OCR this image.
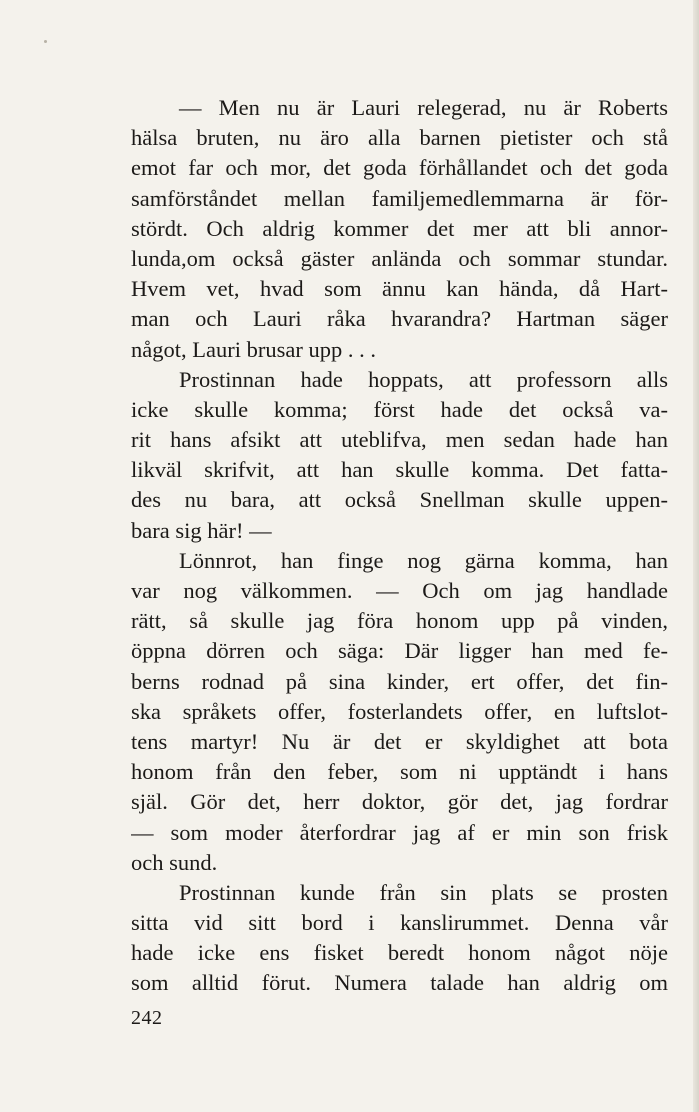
— Men nu är Lauri relegerad, nu är Roberts
hälsa bruten, nu äro alla barnen pietister och stå
emot far och mor, det goda förhållandet och det goda
samförståndet mellan familjemedlemmarna är för-
stördt. Och aldrig kommer det mer att bli annor-
lunda,om också gäster anlända och sommar stundar.
Hvem vet, hvad som ännu kan hända, då Hart-
man och Lauri råka hvarandra? Hartman säger
något, Lauri brusar upp . . .
Prostinnan hade hoppats, att professorn alls
icke skulle komma; först hade det också va-
rit hans afsikt att uteblifva, men sedan hade han
likväl skrifvit, att han skulle komma. Det fatta-
des nu bara, att också Snellman skulle uppen-
bara sig här! —
Lönnrot, han finge nog gärna komma, han
var nog välkommen. — Och om jag handlade
rätt, så skulle jag föra honom upp på vinden,
öppna dörren och säga: Där ligger han med fe-
berns rodnad på sina kinder, ert offer, det fin-
ska språkets offer, fosterlandets offer, en luftslot-
tens martyr! Nu är det er skyldighet att bota
honom från den feber, som ni upptändt i hans
själ. Gör det, herr doktor, gör det, jag fordrar
— som moder återfordrar jag af er min son frisk
och sund.
Prostinnan kunde från sin plats se prosten
sitta vid sitt bord i kanslirummet. Denna vår
hade icke ens fisket beredt honom något nöje
som alltid förut. Numera talade han aldrig om
242
